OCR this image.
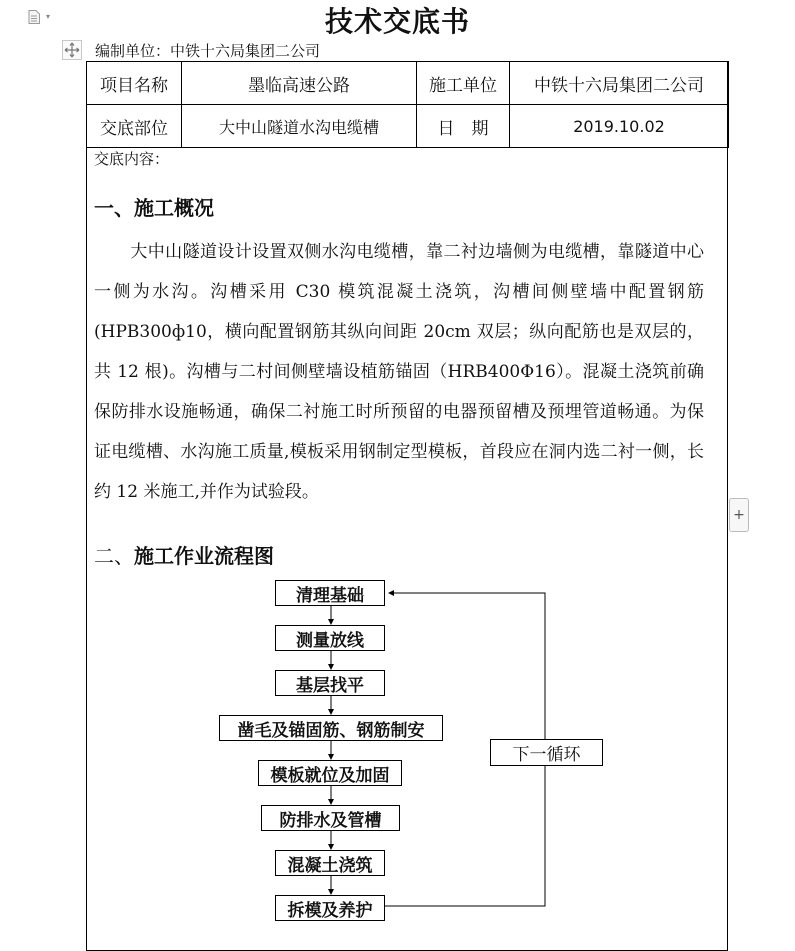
▾	技术交底书
编制单位：中铁十六局集团二公司
项目名称	墨临高速公路	施工单位	中铁十六局集团二公司
交底部位	大中山隧道水沟电缆槽	日　期	2019.10.02
交底内容：
一、施工概况
大中山隧道设计设置双侧水沟电缆槽，靠二衬边墙侧为电缆槽，靠隧道中心一侧为水沟。沟槽采用 C30 模筑混凝土浇筑，沟槽间侧壁墙中配置钢筋(HPB300ф10，横向配置钢筋其纵向间距 20cm 双层；纵向配筋也是双层的，共 12 根)。沟槽与二村间侧壁墙设植筋锚固（HRB400Φ16）。混凝土浇筑前确保防排水设施畅通，确保二衬施工时所预留的电器预留槽及预埋管道畅通。为保证电缆槽、水沟施工质量,模板采用钢制定型模板，首段应在洞内选二衬一侧，长约 12 米施工,并作为试验段。
二、施工作业流程图
清理基础
测量放线
基层找平
凿毛及锚固筋、钢筋制安
模板就位及加固
防排水及管槽
混凝土浇筑
拆模及养护
下一循环
+
